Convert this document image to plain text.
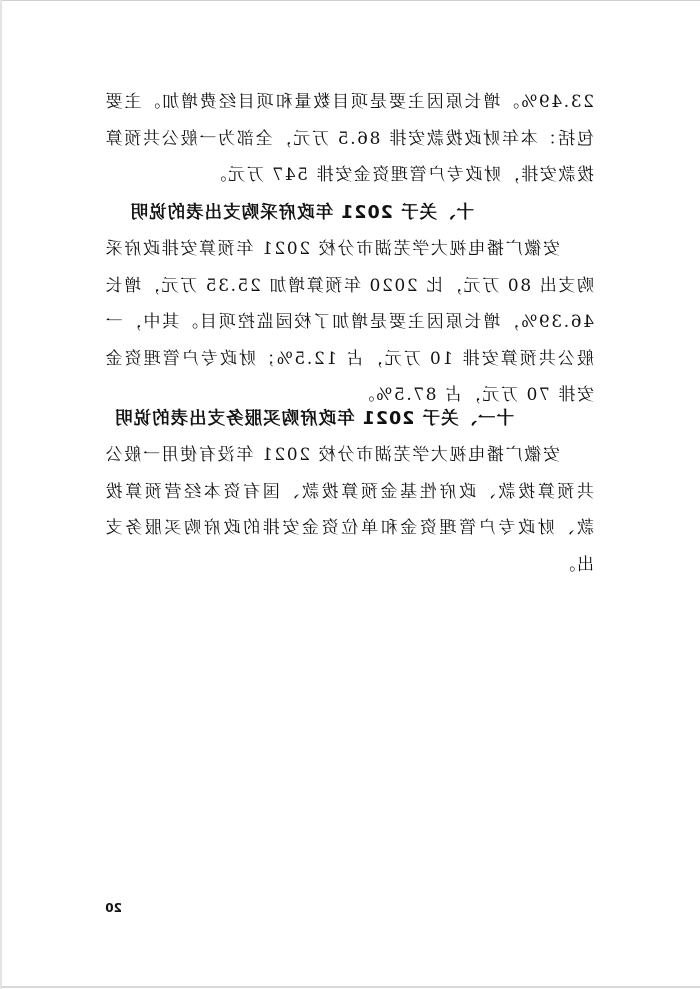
23.49%。增长原因主要是项目数量和项目经费增加。主要包括：本年财政拨款安排 86.5 万元，全部为一般公共预算拨款安排，财政专户管理资金安排 547 万元。

十、关于 2021 年政府采购支出表的说明

安徽广播电视大学芜湖市分校 2021 年预算安排政府采购支出 80 万元，比 2020 年预算增加 25.35 万元，增长 46.39%，增长原因主要是增加了校园监控项目。其中，一般公共预算安排 10 万元，占 12.5%；财政专户管理资金安排 70 万元，占 87.5%。

十一、关于 2021 年政府购买服务支出表的说明

安徽广播电视大学芜湖市分校 2021 年没有使用一般公共预算拨款、政府性基金预算拨款、国有资本经营预算拨款、财政专户管理资金和单位资金安排的政府购买服务支出。

20
